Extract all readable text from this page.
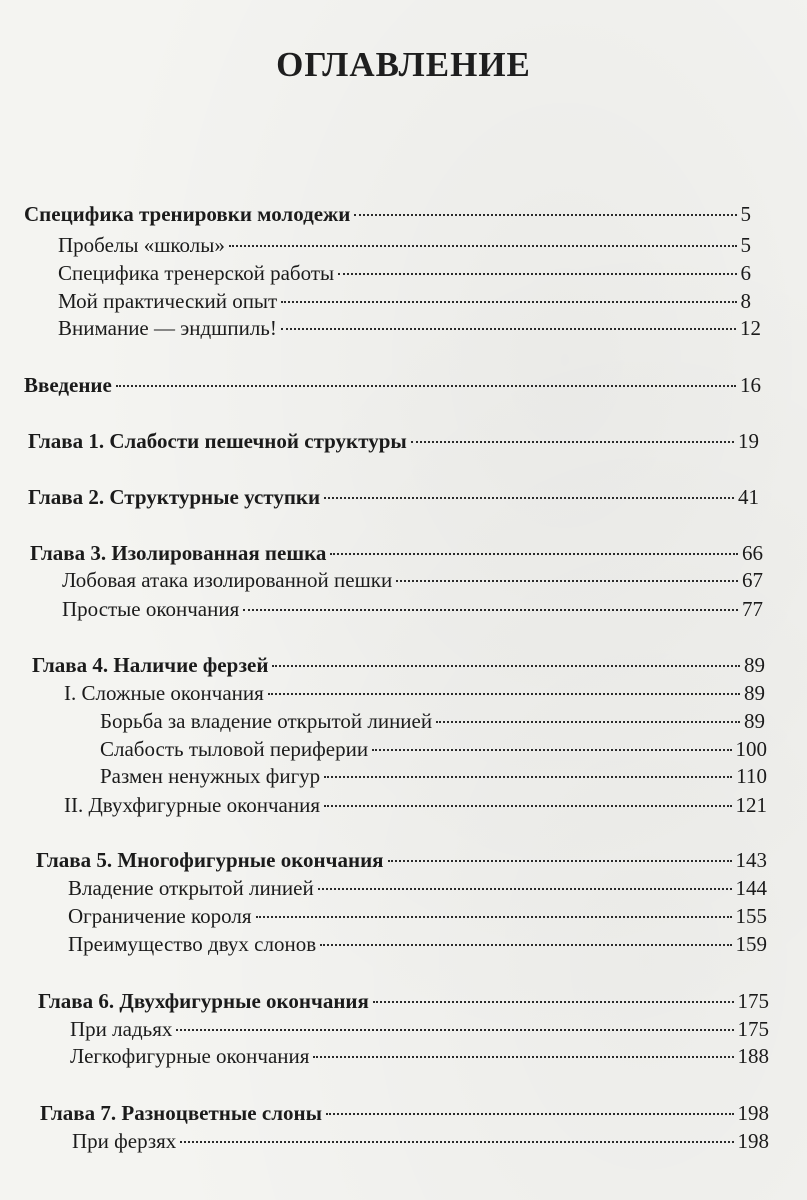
оглавление
Специфика тренировки молодежи	5
Пробелы «школы»	5
Специфика тренерской работы	6
Мой практический опыт	8
Внимание — эндшпиль!	12
Введение	16
Глава 1. Слабости пешечной структуры	19
Глава 2. Структурные уступки	41
Глава 3. Изолированная пешка	66
Лобовая атака изолированной пешки	67
Простые окончания	77
Глава 4. Наличие ферзей	89
I. Сложные окончания	89
Борьба за владение открытой линией	89
Слабость тыловой периферии	100
Размен ненужных фигур	110
II. Двухфигурные окончания	121
Глава 5. Многофигурные окончания	143
Владение открытой линией	144
Ограничение короля	155
Преимущество двух слонов	159
Глава 6. Двухфигурные окончания	175
При ладьях	175
Легкофигурные окончания	188
Глава 7. Разноцветные слоны	198
При ферзях	198
